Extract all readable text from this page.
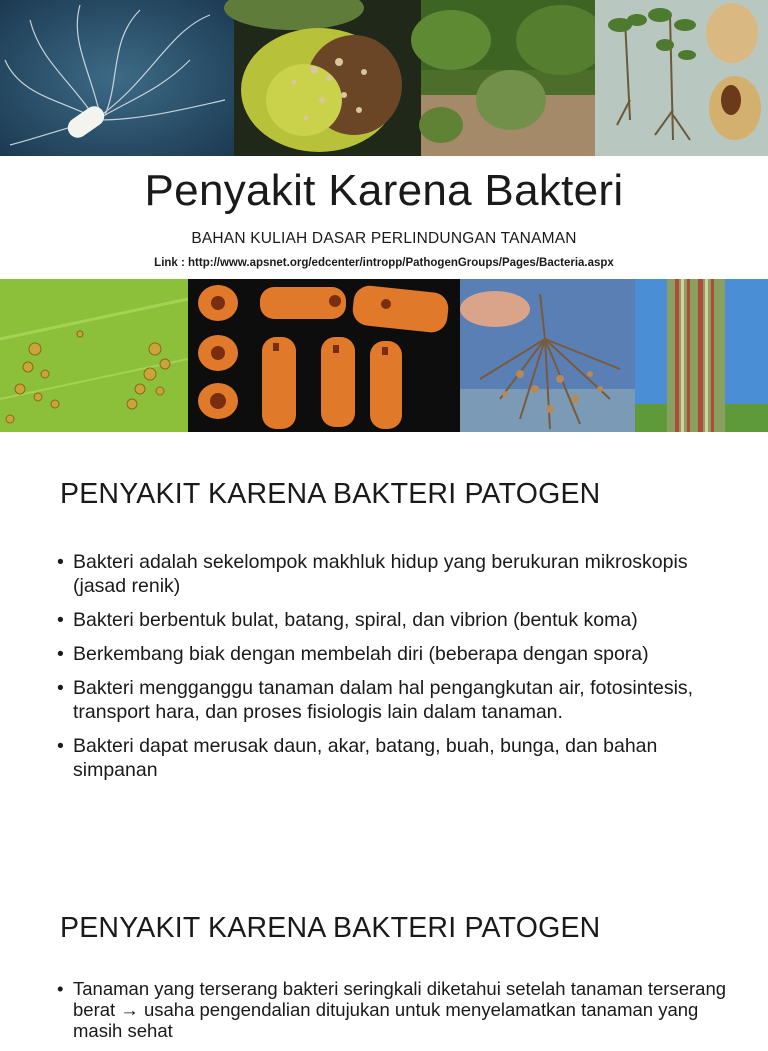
Penyakit Karena Bakteri
BAHAN KULIAH DASAR PERLINDUNGAN TANAMAN
Link : http://www.apsnet.org/edcenter/intropp/PathogenGroups/Pages/Bacteria.aspx
PENYAKIT KARENA BAKTERI PATOGEN
• Bakteri adalah sekelompok makhluk hidup yang berukuran mikroskopis (jasad renik)
• Bakteri berbentuk bulat, batang, spiral, dan vibrion (bentuk koma)
• Berkembang biak dengan membelah diri (beberapa dengan spora)
• Bakteri mengganggu tanaman dalam hal pengangkutan air, fotosintesis, transport hara, dan proses fisiologis lain dalam tanaman.
• Bakteri dapat merusak daun, akar, batang, buah, bunga, dan bahan simpanan
PENYAKIT KARENA BAKTERI PATOGEN
• Tanaman yang terserang bakteri seringkali diketahui setelah tanaman terserang berat → usaha pengendalian ditujukan untuk menyelamatkan tanaman yang masih sehat
